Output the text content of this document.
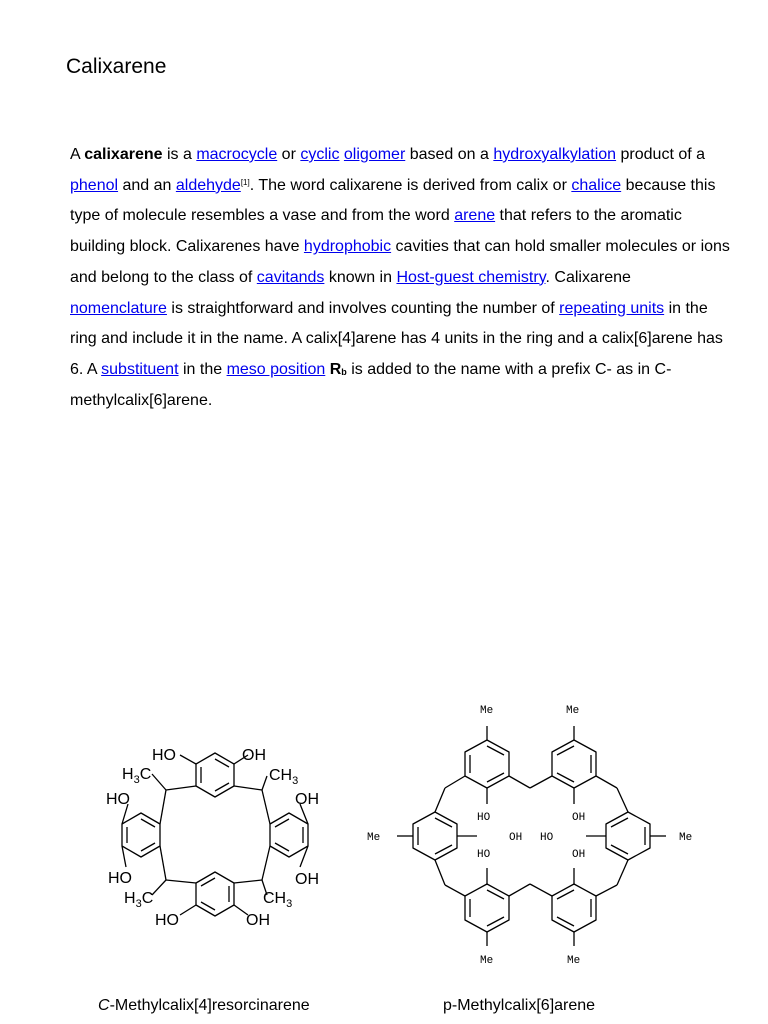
Calixarene

A calixarene is a macrocycle or cyclic oligomer based on a hydroxyalkylation product of a phenol and an aldehyde[1]. The word calixarene is derived from calix or chalice because this type of molecule resembles a vase and from the word arene that refers to the aromatic building block. Calixarenes have hydrophobic cavities that can hold smaller molecules or ions and belong to the class of cavitands known in Host-guest chemistry. Calixarene nomenclature is straightforward and involves counting the number of repeating units in the ring and include it in the name. A calix[4]arene has 4 units in the ring and a calix[6]arene has 6. A substituent in the meso position $R_b$ is added to the name with a prefix C- as in C-methylcalix[6]arene.

HO	OH
$H_3C$	$CH_3$
HO	OH
HO	OH
$H_3C$	$CH_3$
HO	OH
Me	Me
HO	OH
Me	OH HO	Me
HO	OH
Me	Me
C-Methylcalix[4]resorcinarene	p-Methylcalix[6]arene
